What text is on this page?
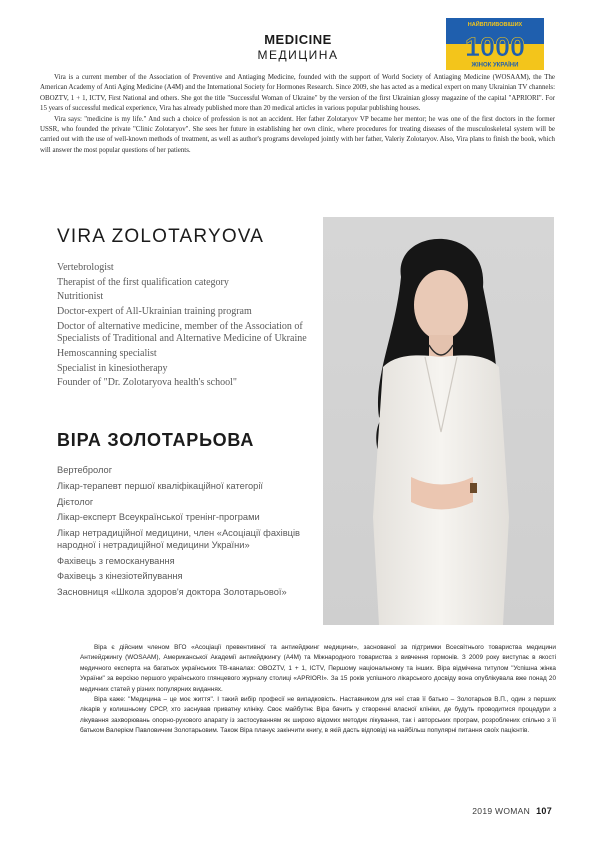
MEDICINE
МЕДИЦИНА
НАЙВПЛИВОВІШИХ
1000
ЖІНОК УКРАЇНИ

Vira is a current member of the Association of Preventive and Antiaging Medicine, founded with the support of World Society of Antiaging Medicine (WOSAAM), the The American Academy of Anti Aging Medicine (A4M) and the International Society for Hormones Research. Since 2009, she has acted as a medical expert on many Ukrainian TV channels: OBOZTV, 1 + 1, ICTV, First National and others. She got the title "Successful Woman of Ukraine" by the version of the first Ukrainian glossy magazine of the capital "APRIORI". For 15 years of successful medical experience, Vira has already published more than 20 medical articles in various popular publishing houses.

Vira says: "medicine is my life." And such a choice of profession is not an accident. Her father Zolotaryov VP became her mentor; he was one of the first doctors in the former USSR, who founded the private "Clinic Zolotaryov". She sees her future in establishing her own clinic, where procedures for treating diseases of the musculoskeletal system will be carried out with the use of well-known methods of treatment, as well as author's programs developed jointly with her father, Valeriy Zolotaryov. Also, Vira plans to finish the book, which will answer the most popular questions of her patients.

VIRA ZOLOTARYOVA
Vertebrologist
Therapist of the first qualification category
Nutritionist
Doctor-expert of All-Ukrainian training program
Doctor of alternative medicine, member of the Association of Specialists of Traditional and Alternative Medicine of Ukraine
Hemoscanning specialist
Specialist in kinesiotherapy
Founder of "Dr. Zolotaryova health's school"
ВІРА ЗОЛОТАРЬОВА
Вертебролог
Лікар-терапевт першої кваліфікаційної категорії
Дієтолог
Лікар-експерт Всеукраїнської тренінг-програми
Лікар нетрадиційної медицини, член «Асоціації фахівців народної і нетрадиційної медицини України»
Фахівець з гемосканування
Фахівець з кінезіотейпування
Засновниця «Школа здоров'я доктора Золотарьової»

Віра є дійсним членом ВГО «Асоціації превентивної та антиейджинг медицини», заснованої за підтримки Всесвітнього товариства медицини Антиейджингу (WOSAAM), Американської Академії антиейджингу (A4M) та Міжнародного товариства з вивчення гормонів. З 2009 року виступає в якості медичного експерта на багатьох українських ТВ-каналах: OBOZTV, 1 + 1, ICTV, Першому національному та інших. Віра відмічена титулом "Успішна жінка України" за версією першого українського глянцевого журналу столиці «APRIORI». За 15 років успішного лікарського досвіду вона опублікувала вже понад 20 медичних статей у різних популярних виданнях.

Віра каже: "Медицина – це моє життя". І такий вибір професії не випадковість. Наставником для неї став її батько – Золотарьов В.П., один з перших лікарів у колишньому СРСР, хто заснував приватну клініку. Своє майбутнє Віра бачить у створенні власної клініки, де будуть проводитися процедури з лікування захворювань опорно-рухового апарату із застосуванням як широко відомих методик лікування, так і авторських програм, розроблених спільно з її батьком Валерієм Павловичем Золотарьовим. Також Віра планує закінчити книгу, в якій дасть відповіді на найбільш популярні питання своїх пацієнтів.

2019 WOMAN 107
